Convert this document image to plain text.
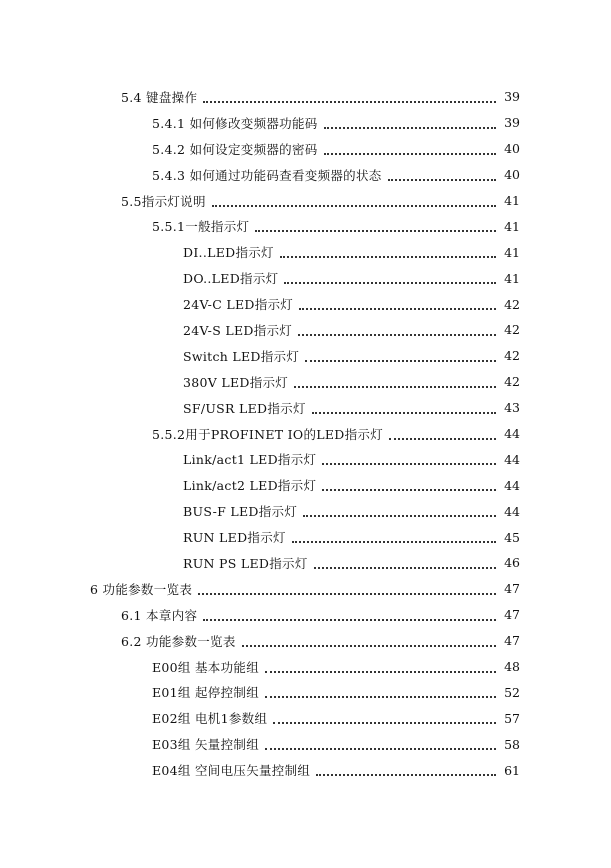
5.4 键盘操作	39
5.4.1 如何修改变频器功能码	39
5.4.2 如何设定变频器的密码	40
5.4.3 如何通过功能码查看变频器的状态	40
5.5指示灯说明	41
5.5.1一般指示灯	41
DI..LED指示灯	41
DO..LED指示灯	41
24V-C LED指示灯	42
24V-S LED指示灯	42
Switch LED指示灯	42
380V LED指示灯	42
SF/USR LED指示灯	43
5.5.2用于PROFINET IO的LED指示灯	44
Link/act1 LED指示灯	44
Link/act2 LED指示灯	44
BUS-F LED指示灯	44
RUN LED指示灯	45
RUN PS LED指示灯	46
6 功能参数一览表	47
6.1 本章内容	47
6.2 功能参数一览表	47
E00组 基本功能组	48
E01组 起停控制组	52
E02组 电机1参数组	57
E03组 矢量控制组	58
E04组 空间电压矢量控制组	61
